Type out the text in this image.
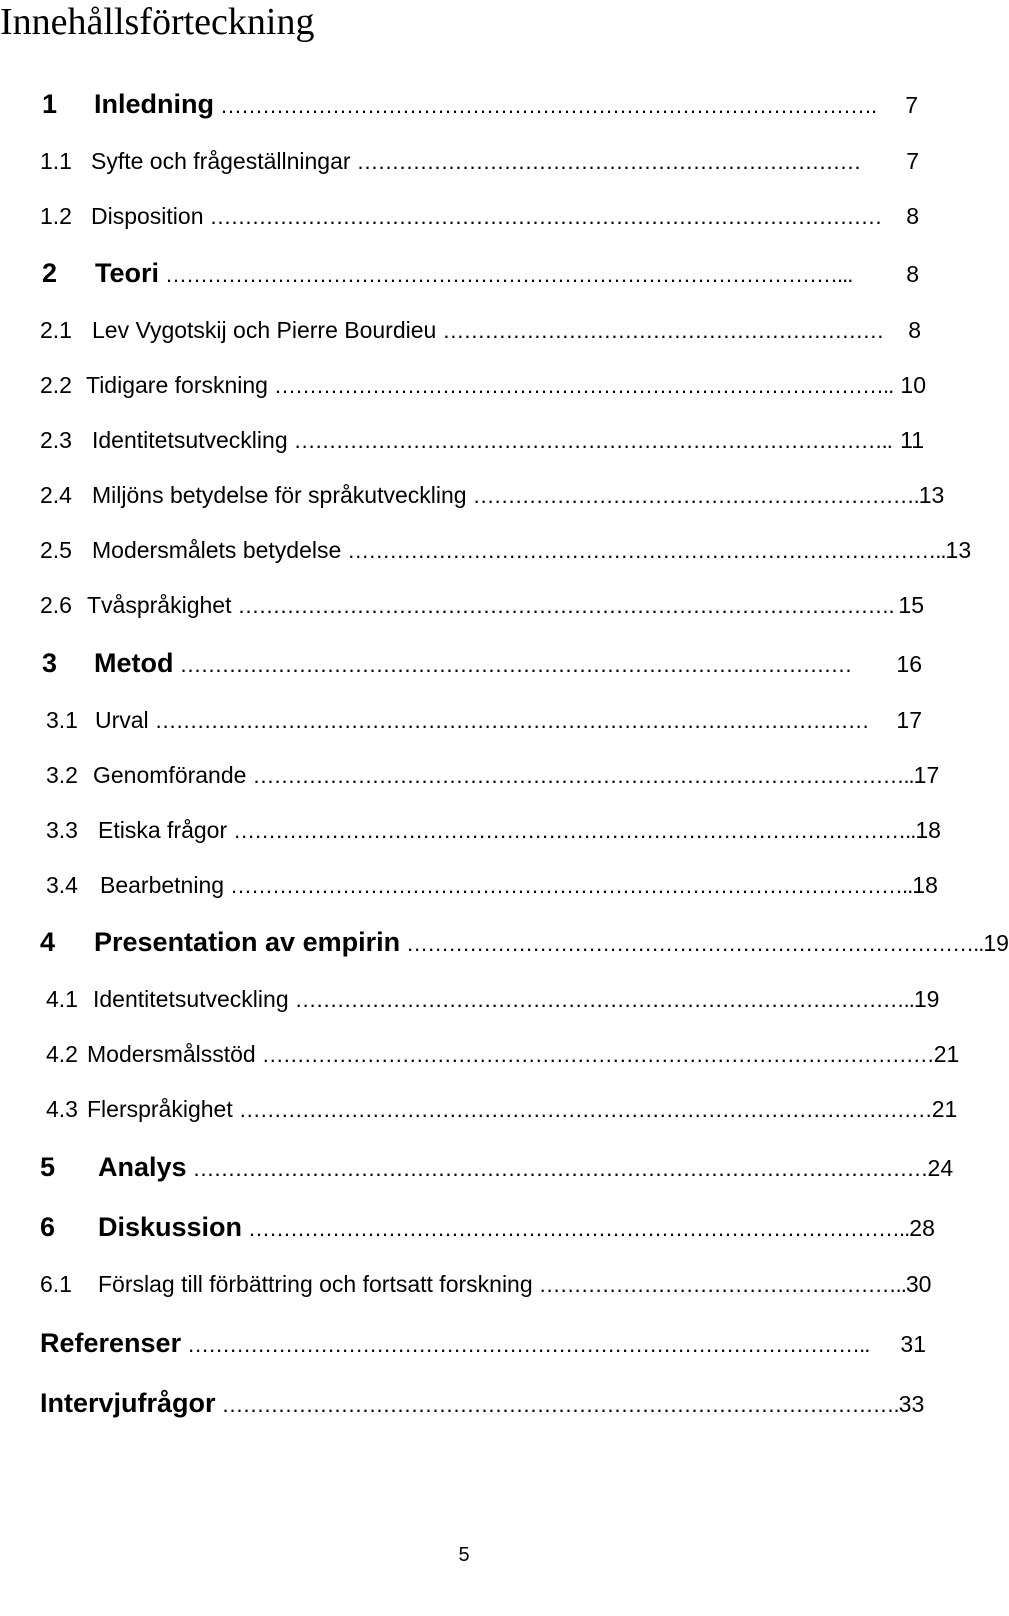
Innehållsförteckning
1 Inledning ………………………………………………………………………………….	7
1.1 Syfte och frågeställningar ………………………………………………………………	7
1.2 Disposition ……………………………………………………………………………………	8
2 Teori ……………………………………………………………………………………...	8
2.1 Lev Vygotskij och Pierre Bourdieu ………………………………………………………	8
2.2 Tidigare forskning …………………………………………………………………………….. 10
2.3 Identitetsutveckling ………………………………………………………………………….. 11
2.4 Miljöns betydelse för språkutveckling ………………………………………………………. 13
2.5 Modersmålets betydelse ………………………………………………………………………….. 13
2.6 Tvåspråkighet …………………………………………………………………………………. 15
3 Metod ……………………………………………………………………………………	16
3.1 Urval …………………………………………………………………………………………	17
3.2 Genomförande ………………………………………………………………………………….. 17
3.3 Etiska frågor …………………………………………………………………………………….. 18
3.4 Bearbetning …………………………………………………………………………………….. 18
4 Presentation av empirin ……………………………………………………………………….. 19
4.1 Identitetsutveckling …………………………………………………………………………….. 19
4.2 Modersmålsstöd …………………………………………………………………………………… 21
4.3 Flerspråkighet ……………………………………………………………………………………… 21
5 Analys …………………………………………………………………………………………… 24
6 Diskussion ………………………………………………………………………………….. 28
6.1 Förslag till förbättring och fortsatt forskning …………………………………………….. 30
Referenser ……………………………………………………………………………………..	31
Intervjufrågor ……………………………………………………………………………………. 33
5
